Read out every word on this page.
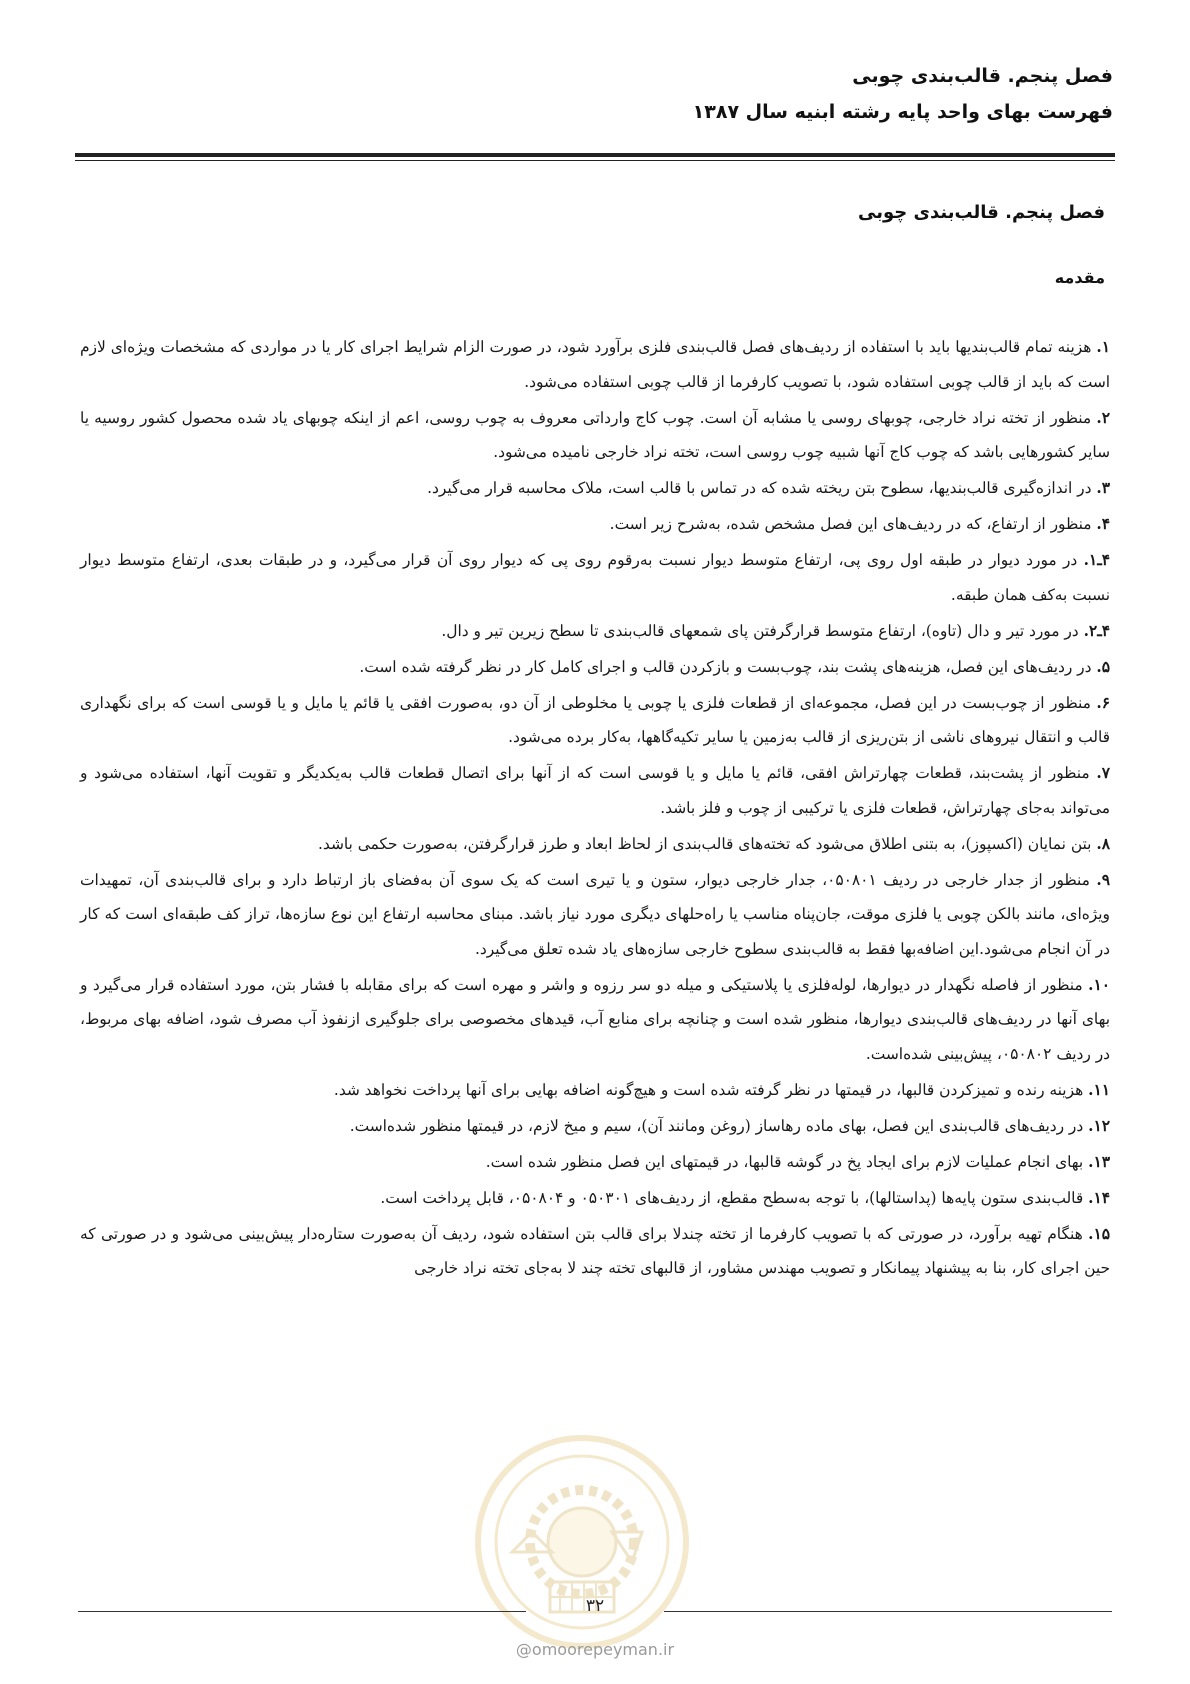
فصل پنجم. قالب‌بندی چوبی
فهرست بهای واحد پایه رشته ابنیه سال ۱۳۸۷
فصل پنجم. قالب‌بندی چوبی
مقدمه

۱. هزینه تمام قالب‌بندیها باید با استفاده از ردیف‌های فصل قالب‌بندی فلزی برآورد شود، در صورت الزام شرایط اجرای کار یا در مواردی که مشخصات ویژه‌ای لازم است که باید از قالب چوبی استفاده شود، با تصویب کارفرما از قالب چوبی استفاده می‌شود.

۲. منظور از تخته نراد خارجی، چوبهای روسی یا مشابه آن است. چوب کاج وارداتی معروف به چوب روسی، اعم از اینکه چوبهای یاد شده محصول کشور روسیه یا سایر کشورهایی باشد که چوب کاج آنها شبیه چوب روسی است، تخته نراد خارجی نامیده می‌شود.

۳. در اندازه‌گیری قالب‌بندیها، سطوح بتن ریخته شده که در تماس با قالب است، ملاک محاسبه قرار می‌گیرد.

۴. منظور از ارتفاع، که در ردیف‌های این فصل مشخص شده، به‌شرح زیر است.

۴ـ۱. در مورد دیوار در طبقه اول روی پی، ارتفاع متوسط دیوار نسبت به‌رقوم روی پی که دیوار روی آن قرار می‌گیرد، و در طبقات بعدی، ارتفاع متوسط دیوار نسبت به‌کف همان طبقه.

۴ـ۲. در مورد تیر و دال (تاوه)، ارتفاع متوسط قرارگرفتن پای شمعهای قالب‌بندی تا سطح زیرین تیر و دال.

۵. در ردیف‌های این فصل، هزینه‌های پشت بند، چوب‌بست و بازکردن قالب و اجرای کامل کار در نظر گرفته شده است.

۶. منظور از چوب‌بست در این فصل، مجموعه‌ای از قطعات فلزی یا چوبی یا مخلوطی از آن دو، به‌صورت افقی یا قائم یا مایل و یا قوسی است که برای نگهداری قالب و انتقال نیروهای ناشی از بتن‌ریزی از قالب به‌زمین یا سایر تکیه‌گاهها، به‌کار برده می‌شود.

۷. منظور از پشت‌بند، قطعات چهارتراش افقی، قائم یا مایل و یا قوسی است که از آنها برای اتصال قطعات قالب به‌یکدیگر و تقویت آنها، استفاده می‌شود و می‌تواند به‌جای چهارتراش، قطعات فلزی یا ترکیبی از چوب و فلز باشد.

۸. بتن نمایان (اکسپوز)، به بتنی اطلاق می‌شود که تخته‌های قالب‌بندی از لحاظ ابعاد و طرز قرارگرفتن، به‌صورت حکمی باشد.

۹. منظور از جدار خارجی در ردیف ۰۵۰۸۰۱، جدار خارجی دیوار، ستون و یا تیری است که یک سوی آن به‌فضای باز ارتباط دارد و برای قالب‌بندی آن، تمهیدات ویژه‌ای، مانند بالکن چوبی یا فلزی موقت، جان‌پناه مناسب یا راه‌حلهای دیگری مورد نیاز باشد. مبنای محاسبه ارتفاع این نوع سازه‌ها، تراز کف طبقه‌ای است که کار در آن انجام می‌شود.این اضافه‌بها فقط به قالب‌بندی سطوح خارجی سازه‌های یاد شده تعلق می‌گیرد.

۱۰. منظور از فاصله نگهدار در دیوارها، لوله‌فلزی یا پلاستیکی و میله دو سر رزوه و واشر و مهره است که برای مقابله با فشار بتن، مورد استفاده قرار می‌گیرد و بهای آنها در ردیف‌های قالب‌بندی دیوارها، منظور شده است و چنانچه برای منابع آب، قیدهای مخصوصی برای جلوگیری ازنفوذ آب مصرف شود، اضافه بهای مربوط، در ردیف ۰۵۰۸۰۲، پیش‌بینی شده‌است.

۱۱. هزینه رنده و تمیزکردن قالبها، در قیمتها در نظر گرفته شده است و هیچ‌گونه اضافه بهایی برای آنها پرداخت نخواهد شد.

۱۲. در ردیف‌های قالب‌بندی این فصل، بهای ماده رهاساز (روغن ومانند آن)، سیم و میخ لازم، در قیمتها منظور شده‌است.

۱۳. بهای انجام عملیات لازم برای ایجاد پخ در گوشه قالبها، در قیمتهای این فصل منظور شده است.

۱۴. قالب‌بندی ستون پایه‌ها (پداستالها)، با توجه به‌سطح مقطع، از ردیف‌های ۰۵۰۳۰۱ و ۰۵۰۸۰۴، قابل پرداخت است.

۱۵. هنگام تهیه برآورد، در صورتی که با تصویب کارفرما از تخته چندلا برای قالب بتن استفاده شود، ردیف آن به‌صورت ستاره‌دار پیش‌بینی می‌شود و در صورتی که حین اجرای کار، بنا به پیشنهاد پیمانکار و تصویب مهندس مشاور، از قالبهای تخته چند لا به‌جای تخته نراد خارجی

۳۲
@omoorepeyman.ir
